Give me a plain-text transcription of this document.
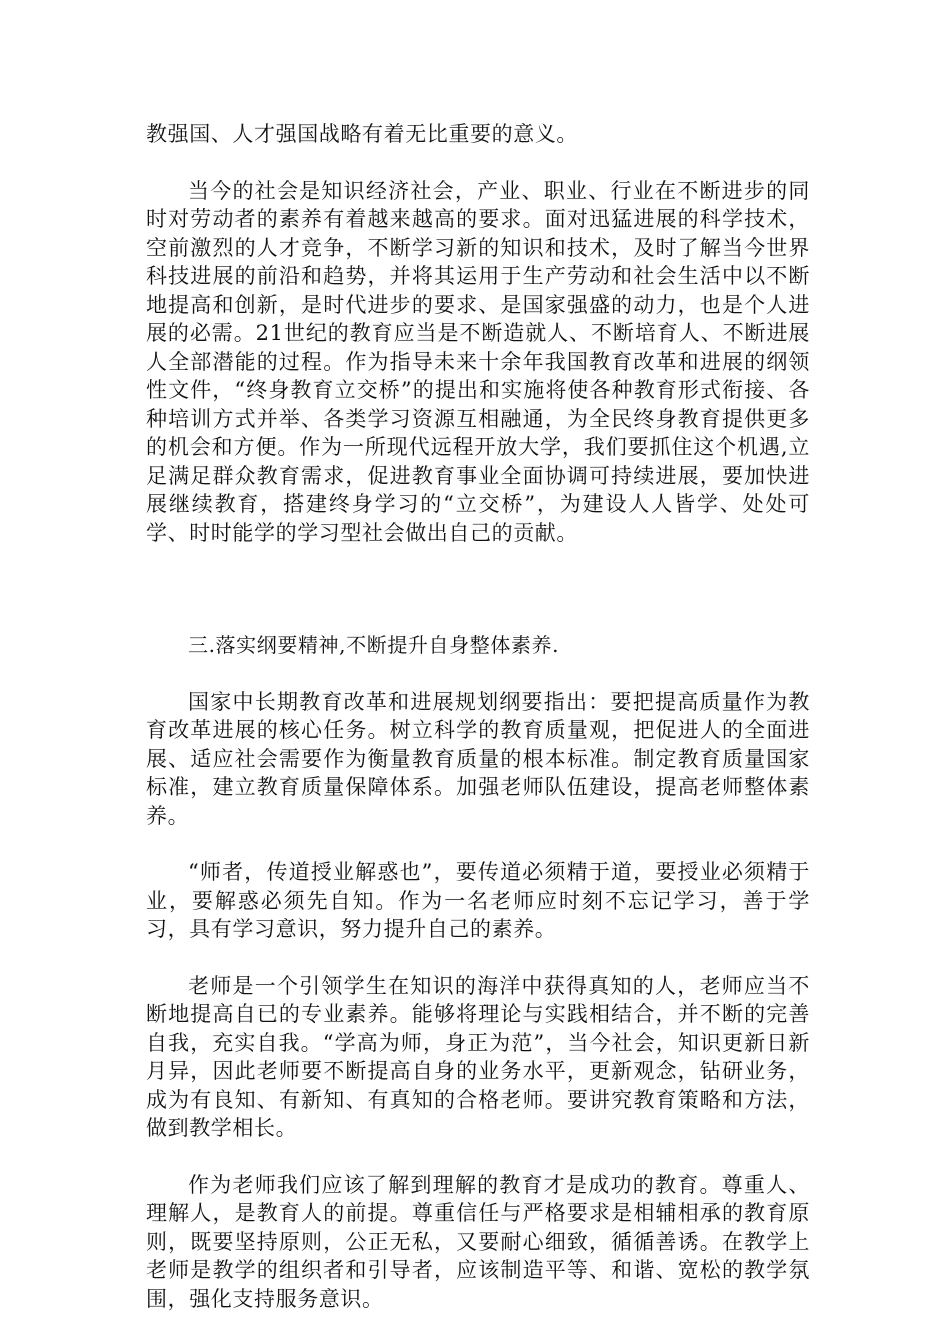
教强国、人才强国战略有着无比重要的意义。

当今的社会是知识经济社会，产业、职业、行业在不断进步的同时对劳动者的素养有着越来越高的要求。面对迅猛进展的科学技术，空前激烈的人才竞争，不断学习新的知识和技术，及时了解当今世界科技进展的前沿和趋势，并将其运用于生产劳动和社会生活中以不断地提高和创新，是时代进步的要求、是国家强盛的动力，也是个人进展的必需。21世纪的教育应当是不断造就人、不断培育人、不断进展人全部潜能的过程。作为指导未来十余年我国教育改革和进展的纲领性文件，“终身教育立交桥”的提出和实施将使各种教育形式衔接、各种培训方式并举、各类学习资源互相融通，为全民终身教育提供更多的机会和方便。作为一所现代远程开放大学，我们要抓住这个机遇,立足满足群众教育需求，促进教育事业全面协调可持续进展，要加快进展继续教育，搭建终身学习的“立交桥”，为建设人人皆学、处处可学、时时能学的学习型社会做出自己的贡献。

三.落实纲要精神,不断提升自身整体素养.

国家中长期教育改革和进展规划纲要指出：要把提高质量作为教育改革进展的核心任务。树立科学的教育质量观，把促进人的全面进展、适应社会需要作为衡量教育质量的根本标准。制定教育质量国家标准，建立教育质量保障体系。加强老师队伍建设，提高老师整体素养。

“师者，传道授业解惑也”，要传道必须精于道，要授业必须精于业，要解惑必须先自知。作为一名老师应时刻不忘记学习，善于学习，具有学习意识，努力提升自己的素养。

老师是一个引领学生在知识的海洋中获得真知的人，老师应当不断地提高自已的专业素养。能够将理论与实践相结合，并不断的完善自我，充实自我。“学高为师，身正为范”，当今社会，知识更新日新月异，因此老师要不断提高自身的业务水平，更新观念，钻研业务，成为有良知、有新知、有真知的合格老师。要讲究教育策略和方法，做到教学相长。

作为老师我们应该了解到理解的教育才是成功的教育。尊重人、理解人，是教育人的前提。尊重信任与严格要求是相辅相承的教育原则，既要坚持原则，公正无私，又要耐心细致，循循善诱。在教学上老师是教学的组织者和引导者，应该制造平等、和谐、宽松的教学氛围，强化支持服务意识。
